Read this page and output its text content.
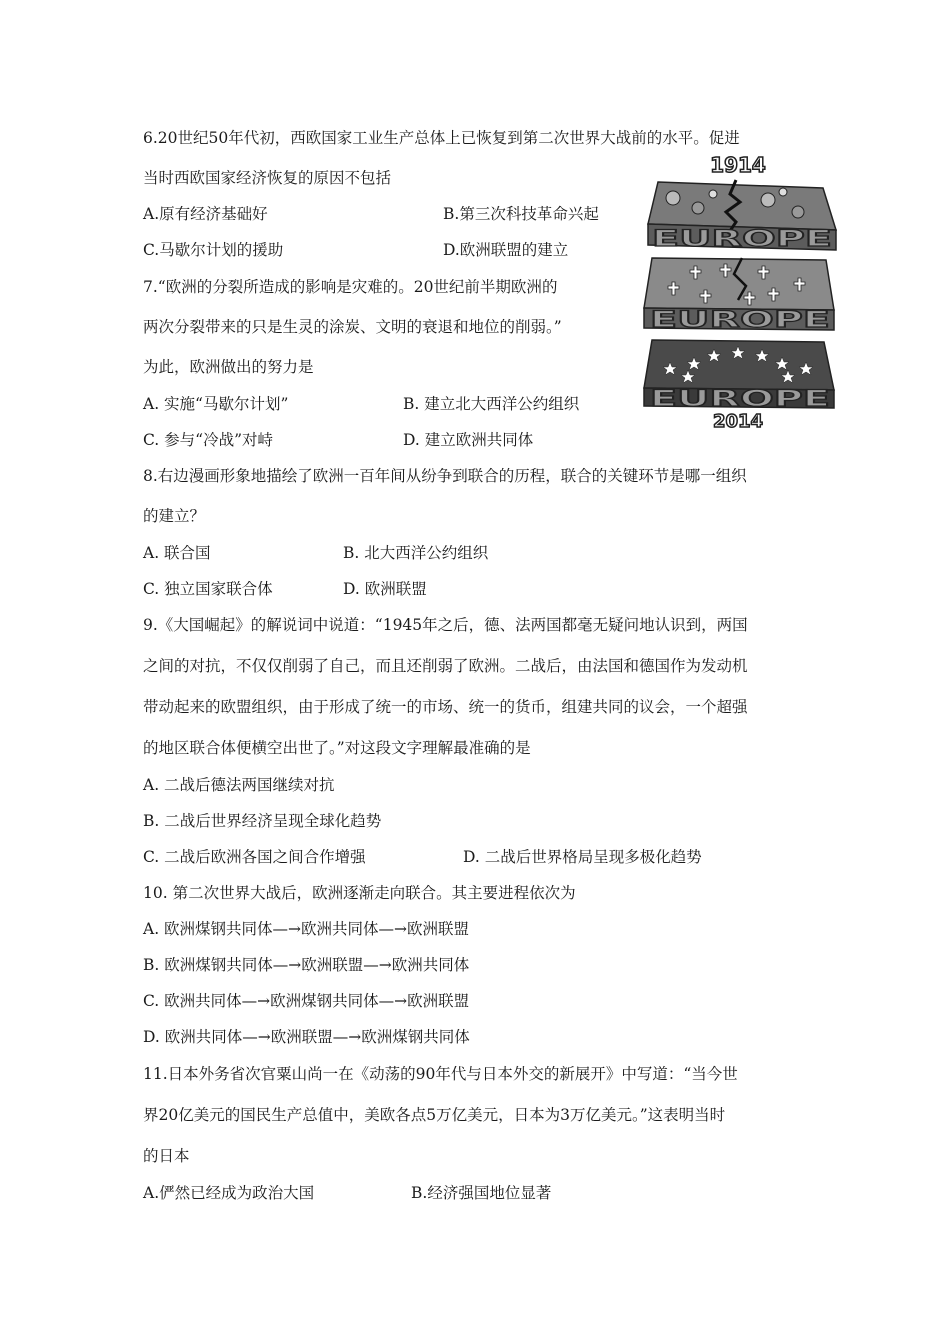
6.20世纪50年代初，西欧国家工业生产总体上已恢复到第二次世界大战前的水平。促进
当时西欧国家经济恢复的原因不包括
A.原有经济基础好	B.第三次科技革命兴起
C.马歇尔计划的援助	D.欧洲联盟的建立
7.“欧洲的分裂所造成的影响是灾难的。20世纪前半期欧洲的
两次分裂带来的只是生灵的涂炭、文明的衰退和地位的削弱。”
为此，欧洲做出的努力是
A. 实施“马歇尔计划”	B. 建立北大西洋公约组织
C. 参与“冷战”对峙	D. 建立欧洲共同体
8.右边漫画形象地描绘了欧洲一百年间从纷争到联合的历程，联合的关键环节是哪一组织
的建立？
A. 联合国	B. 北大西洋公约组织
C. 独立国家联合体	D. 欧洲联盟
9.《大国崛起》的解说词中说道：“1945年之后，德、法两国都毫无疑问地认识到，两国
之间的对抗，不仅仅削弱了自己，而且还削弱了欧洲。二战后，由法国和德国作为发动机
带动起来的欧盟组织，由于形成了统一的市场、统一的货币，组建共同的议会，一个超强
的地区联合体便横空出世了。”对这段文字理解最准确的是
A. 二战后德法两国继续对抗
B. 二战后世界经济呈现全球化趋势
C. 二战后欧洲各国之间合作增强	D. 二战后世界格局呈现多极化趋势
10. 第二次世界大战后，欧洲逐渐走向联合。其主要进程依次为
A. 欧洲煤钢共同体—→欧洲共同体—→欧洲联盟
B. 欧洲煤钢共同体—→欧洲联盟—→欧洲共同体
C. 欧洲共同体—→欧洲煤钢共同体—→欧洲联盟
D. 欧洲共同体—→欧洲联盟—→欧洲煤钢共同体
11.日本外务省次官粟山尚一在《动荡的90年代与日本外交的新展开》中写道：“当今世
界20亿美元的国民生产总值中，美欧各点5万亿美元，日本为3万亿美元。”这表明当时
的日本
A.俨然已经成为政治大国	B.经济强国地位显著
1914
EUROPE
EUROPE
EUROPE
2014
